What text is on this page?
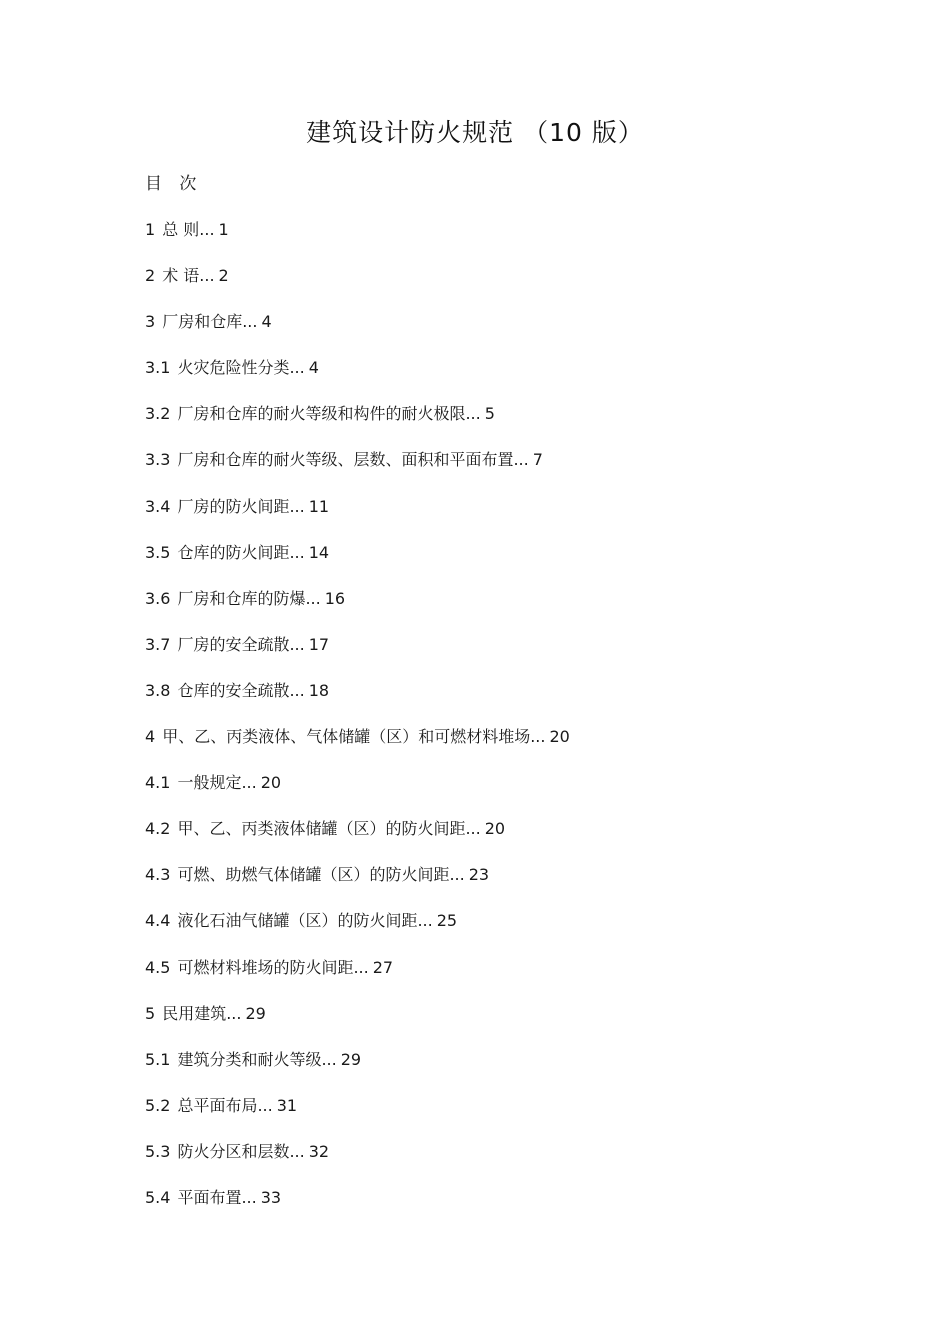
建筑设计防火规范 （10 版）
目 次
1 总 则... 1
2 术 语... 2
3 厂房和仓库... 4
3.1 火灾危险性分类... 4
3.2 厂房和仓库的耐火等级和构件的耐火极限... 5
3.3 厂房和仓库的耐火等级、层数、面积和平面布置... 7
3.4 厂房的防火间距... 11
3.5 仓库的防火间距... 14
3.6 厂房和仓库的防爆... 16
3.7 厂房的安全疏散... 17
3.8 仓库的安全疏散... 18
4 甲、乙、丙类液体、气体储罐（区）和可燃材料堆场... 20
4.1 一般规定... 20
4.2 甲、乙、丙类液体储罐（区）的防火间距... 20
4.3 可燃、助燃气体储罐（区）的防火间距... 23
4.4 液化石油气储罐（区）的防火间距... 25
4.5 可燃材料堆场的防火间距... 27
5 民用建筑... 29
5.1 建筑分类和耐火等级... 29
5.2 总平面布局... 31
5.3 防火分区和层数... 32
5.4 平面布置... 33
